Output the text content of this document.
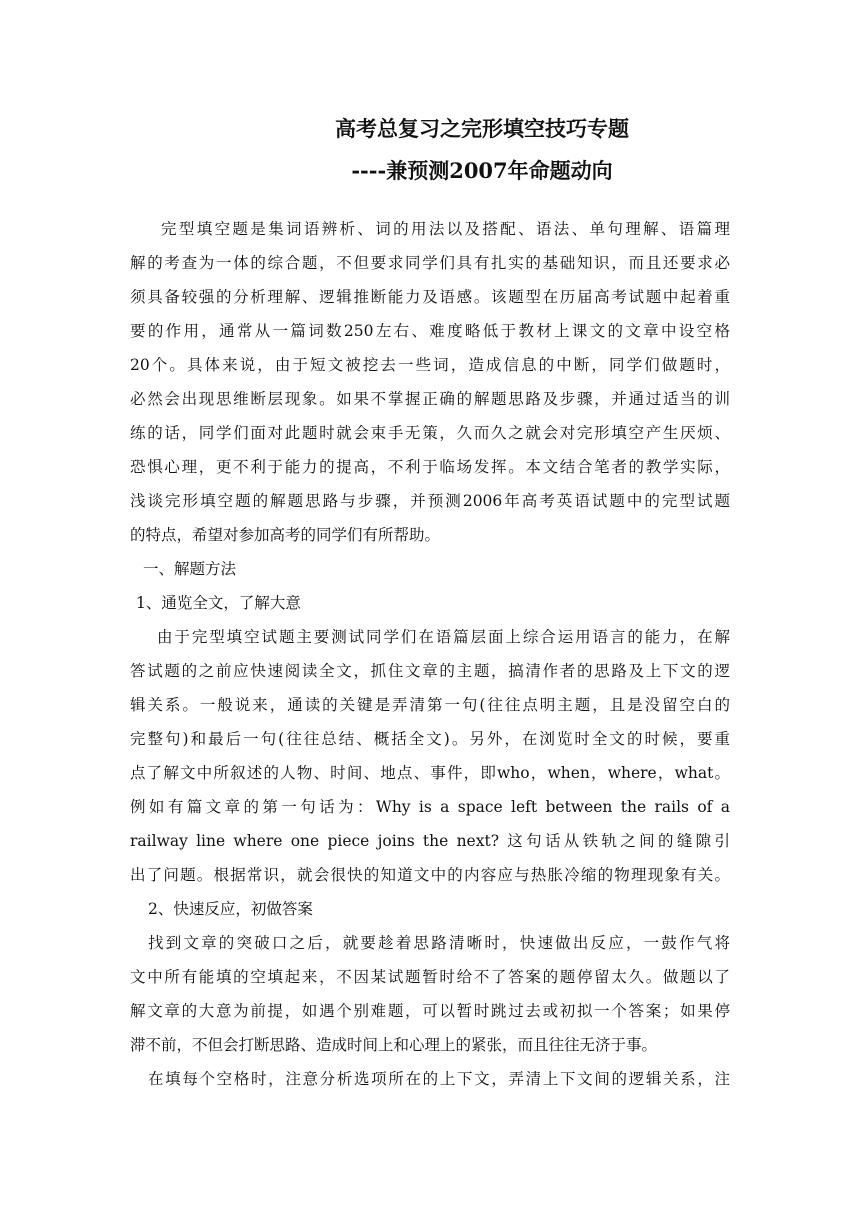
高考总复习之完形填空技巧专题
----兼预测2007年命题动向
完型填空题是集词语辨析、词的用法以及搭配、语法、单句理解、语篇理
解的考查为一体的综合题，不但要求同学们具有扎实的基础知识，而且还要求必
须具备较强的分析理解、逻辑推断能力及语感。该题型在历届高考试题中起着重
要的作用，通常从一篇词数250左右、难度略低于教材上课文的文章中设空格
20个。具体来说，由于短文被挖去一些词，造成信息的中断，同学们做题时，
必然会出现思维断层现象。如果不掌握正确的解题思路及步骤，并通过适当的训
练的话，同学们面对此题时就会束手无策，久而久之就会对完形填空产生厌烦、
恐惧心理，更不利于能力的提高，不利于临场发挥。本文结合笔者的教学实际，
浅谈完形填空题的解题思路与步骤，并预测2006年高考英语试题中的完型试题
的特点，希望对参加高考的同学们有所帮助。
一、解题方法
1、通览全文，了解大意
由于完型填空试题主要测试同学们在语篇层面上综合运用语言的能力，在解
答试题的之前应快速阅读全文，抓住文章的主题，搞清作者的思路及上下文的逻
辑关系。一般说来，通读的关键是弄清第一句(往往点明主题，且是没留空白的
完整句)和最后一句(往往总结、概括全文)。另外，在浏览时全文的时候，要重
点了解文中所叙述的人物、时间、地点、事件，即who，when，where，what。
例如有篇文章的第一句话为：Why is a space left between the rails of a
railway line where one piece joins the next? 这句话从铁轨之间的缝隙引
出了问题。根据常识，就会很快的知道文中的内容应与热胀冷缩的物理现象有关。
2、快速反应，初做答案
找到文章的突破口之后，就要趁着思路清晰时，快速做出反应，一鼓作气将
文中所有能填的空填起来，不因某试题暂时给不了答案的题停留太久。做题以了
解文章的大意为前提，如遇个别难题，可以暂时跳过去或初拟一个答案；如果停
滞不前，不但会打断思路、造成时间上和心理上的紧张，而且往往无济于事。
在填每个空格时，注意分析选项所在的上下文，弄清上下文间的逻辑关系，注
